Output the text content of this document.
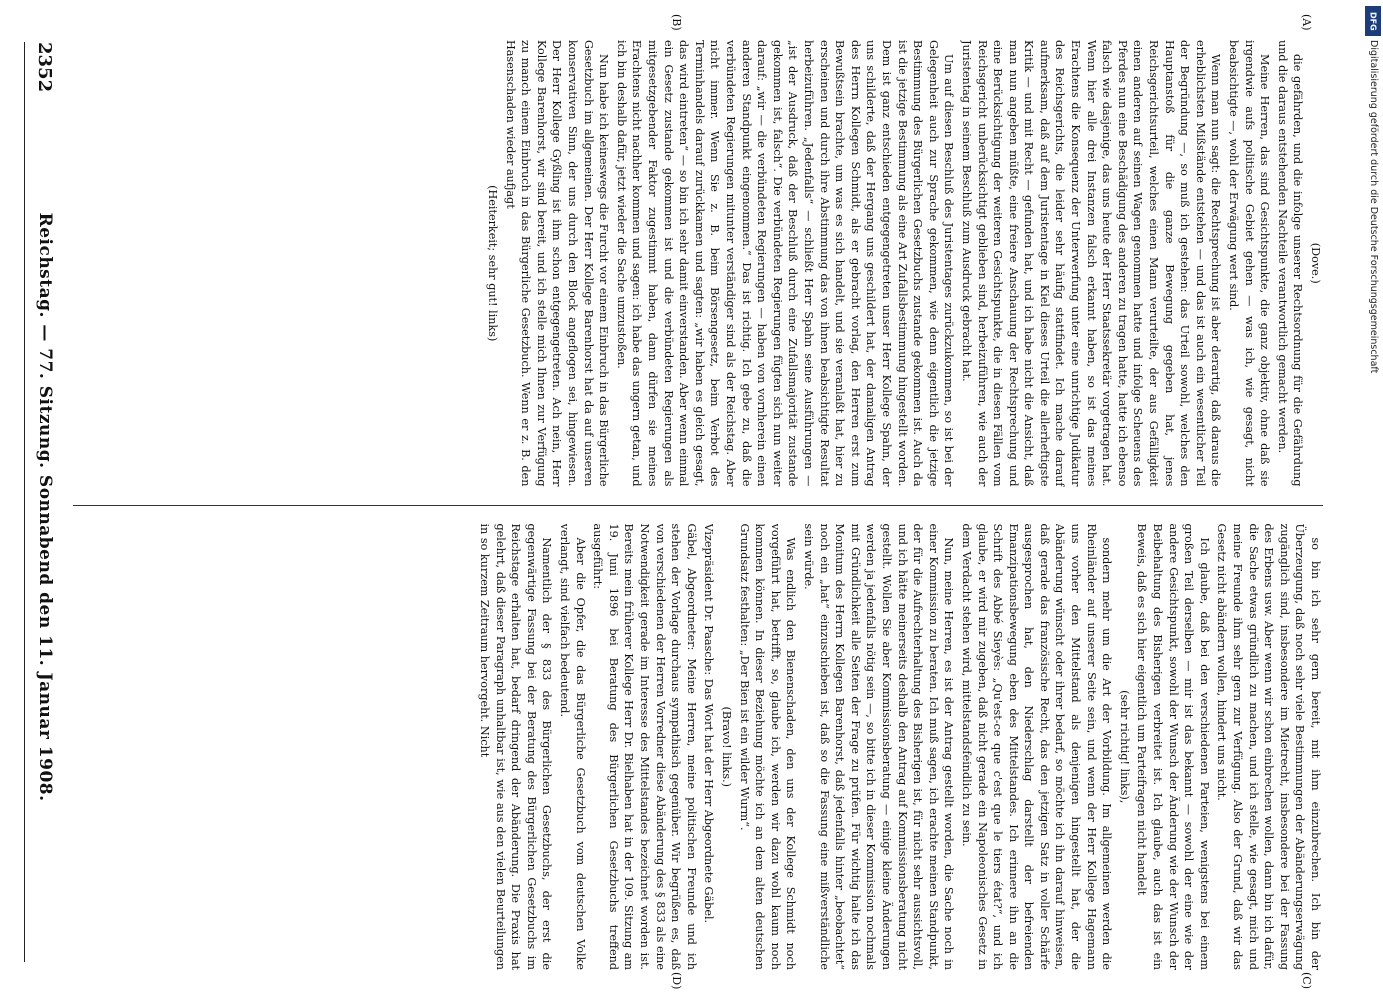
(Dove.)

die gefährden, und die infolge unserer Rechtsordnung für die Gefährdung und die daraus entstehenden Nachteile verantwortlich gemacht werden.

Meine Herren, das sind Gesichtspunkte, die ganz objektiv, ohne daß sie irgendwie aufs politische Gebiet gehen — was ich, wie gesagt, nicht beabsichtigte —, wohl der Erwägung wert sind.

Wenn man nun sagt: die Rechtsprechung ist aber derartig, daß daraus die erheblichsten Mißstände entstehen — und das ist auch ein wesentlicher Teil der Begründung —, so muß ich gestehen: das Urteil sowohl, welches den Hauptanstoß für die ganze Bewegung gegeben hat, jenes Reichsgerichtsurteil, welches einen Mann verurteilte, der aus Gefälligkeit einen anderen auf seinen Wagen genommen hatte und infolge Scheuens des Pferdes nun eine Beschädigung des anderen zu tragen hatte, hatte ich ebenso falsch wie dasjenige, das uns heute der Herr Staatssekretär vorgetragen hat. Wenn hier alle drei Instanzen falsch erkannt haben, so ist das meines Erachtens die Konsequenz der Unterwerfung unter eine unrichtige Judikatur des Reichsgerichts, die leider sehr häufig stattfindet. Ich mache darauf aufmerksam, daß auf dem Juristentage in Kiel dieses Urteil die allerheftigste Kritik — und mit Recht — gefunden hat, und ich habe nicht die Ansicht, daß man nun angeben müßte, eine freiere Anschauung der Rechtsprechung und eine Berücksichtigung der weiteren Gesichtspunkte, die in diesen Fällen vom Reichsgericht unberücksichtigt geblieben sind, herbeizuführen, wie auch der Juristentag in seinem Beschluß zum Ausdruck gebracht hat.

Um auf diesen Beschluß des Juristentages zurückzukommen, so ist bei der Gelegenheit auch zur Sprache gekommen, wie denn eigentlich die jetzige Bestimmung des Bürgerlichen Gesetzbuchs zustande gekommen ist. Auch da ist die jetzige Bestimmung als eine Art Zufallsbestimmung hingestellt worden. Dem ist ganz entschieden entgegengetreten unser Herr Kollege Spahn, der uns schilderte, daß der Hergang uns geschildert hat, der damaligen Antrag des Herrn Kollegen Schmidt, als er gebracht vorlag, den Herren erst zum Bewußtsein brachte, um was es sich handelt, und sie veranlaßt hat, hier zu erscheinen und durch ihre Abstimmung das von ihnen beabsichtigte Resultat herbeizuführen. „Jedenfalls“ — schließt Herr Spahn seine Ausführungen — „ist der Ausdruck, daß der Beschluß durch eine Zufallsmajorität zustande gekommen ist, falsch“. Die verbündeten Regierungen fügten sich nun weiter darauf: „wir — die verbündeten Regierungen — haben von vornherein einen anderen Standpunkt eingenommen.“ Das ist richtig. Ich gebe zu, daß die verbündeten Regierungen mitunter verständiger sind als der Reichstag. Aber nicht immer. Wenn Sie z. B. beim Börsengesetz, beim Verbot des Terminhandels darauf zurückkamen und sagten: „wir haben es gleich gesagt, das wird eintreten“ — so bin ich sehr damit einverstanden. Aber wenn einmal ein Gesetz zustande gekommen ist und die verbündeten Regierungen als mitgesetzgebender Faktor zugestimmt haben, dann dürfen sie meines Erachtens nicht nachher kommen und sagen: ich habe das ungern getan, und ich bin deshalb dafür, jetzt wieder die Sache umzustoßen.

Nun habe ich keineswegs die Furcht vor einem Einbruch in das Bürgerliche Gesetzbuch im allgemeinen. Der Herr Kollege Barenhorst hat da auf unseren konservativen Sinn, der uns durch den Block angeflogen sei, hingewiesen. Der Herr Kollege Gyßling ist ihm schon entgegengetreten. Ach nein, Herr Kollege Barenhorst, wir sind bereit, und ich stelle mich Ihnen zur Verfügung zu manch einem Einbruch in das Bürgerliche Gesetzbuch. Wenn er z. B. den Hasenschaden wieder aufjagt

(Heiterkeit; sehr gut! links)

so bin ich sehr gern bereit, mit ihm einzubrechen. Ich bin der Überzeugung, daß noch sehr viele Bestimmungen der Abänderungserwägung zugänglich sind, insbesondere im Mietrecht, insbesondere bei der Fassung des Erbens usw. Aber wenn wir schon einbrechen wollen, dann bin ich dafür, die Sache etwas gründlich zu machen, und ich stelle, wie gesagt, mich und meine Freunde ihm sehr gern zur Verfügung. Also der Grund, daß wir das Gesetz nicht abändern wollen, hindert uns nicht.

Ich glaube, daß bei den verschiedenen Parteien, wenigstens bei einem großen Teil derselben — mir ist das bekannt — sowohl der eine wie der andere Gesichtspunkt, sowohl der Wunsch der Änderung wie der Wunsch der Beibehaltung des Bisherigen verbreitet ist. Ich glaube, auch das ist ein Beweis, daß es sich hier eigentlich um Parteifragen nicht handelt

(sehr richtig! links),

sondern mehr um die Art der Vorbildung. Im allgemeinen werden die Rheinländer auf unserer Seite sein, und wenn der Herr Kollege Hagemann uns vorher den Mittelstand als denjenigen hingestellt hat, der die Abänderung wünscht oder ihrer bedarf, so möchte ich ihn darauf hinweisen, daß gerade das französische Recht, das den jetzigen Satz in voller Schärfe ausgesprochen hat, den Niederschlag darstellt der befreienden Emanzipationsbewegung eben des Mittelstandes. Ich erinnere ihn an die Schrift des Abbé Sieyès: „Qu'est-ce que c'est que le tiers état?“, und ich glaube, er wird mir zugeben, daß nicht gerade ein Napoleonisches Gesetz in dem Verdacht stehen wird, mittelstandsfeindlich zu sein.

Nun, meine Herren, es ist der Antrag gestellt worden, die Sache noch in einer Kommission zu beraten. Ich muß sagen, ich erachte meinen Standpunkt, der für die Aufrechterhaltung des Bisherigen ist, für nicht sehr aussichtsvoll, und ich hätte meinerseits deshalb den Antrag auf Kommissionsberatung nicht gestellt. Wollen Sie aber Kommissionsberatung — einige kleine Änderungen werden ja jedenfalls nötig sein —, so bitte ich in dieser Kommission nochmals mit Gründlichkeit alle Seiten der Frage zu prüfen. Für wichtig halte ich das Monitum des Herrn Kollegen Barenhorst, daß jedenfalls hinter „beobachtet“ noch ein „hat“ einzuschieben ist, daß so die Fassung eine mißverständliche sein würde.

Was endlich den Bienenschaden, den uns der Kollege Schmidt noch vorgeführt hat, betrifft, so, glaube ich, werden wir dazu wohl kaum noch kommen können. In dieser Beziehung möchte ich an dem alten deutschen Grundsatz festhalten: „Der Bien ist ein wilder Wurm“.

(Bravo! links.)

Vizepräsident Dr. Paasche: Das Wort hat der Herr Abgeordnete Gäbel.

Gäbel, Abgeordneter: Meine Herren, meine politischen Freunde und ich stehen der Vorlage durchaus sympathisch gegenüber. Wir begrüßen es, daß von verschiedenen der Herren Vorredner diese Abänderung des § 833 als eine Notwendigkeit gerade im Interesse des Mittelstandes bezeichnet worden ist. Bereits mein früherer Kollege Herr Dr. Bielhaben hat in der 109. Sitzung am 19. Juni 1896 bei Beratung des Bürgerlichen Gesetzbuchs treffend ausgeführt:

Aber die Opfer, die das Bürgerliche Gesetzbuch vom deutschen Volke verlangt, sind vielfach bedeutend.

Namentlich der § 833 des Bürgerlichen Gesetzbuchs, der erst die gegenwärtige Fassung bei der Beratung des Bürgerlichen Gesetzbuchs im Reichstage erhalten hat, bedarf dringend der Abänderung. Die Praxis hat gelehrt, daß dieser Paragraph unhaltbar ist, wie aus den vielen Beurteilungen in so kurzem Zeitraum hervorgeht. Nicht

(A)
(B)
(C)
(D)
2352
Reichstag. — 77. Sitzung. Sonnabend den 11. Januar 1908.
DFG
Digitalisierung gefördert durch die Deutsche Forschungsgemeinschaft
